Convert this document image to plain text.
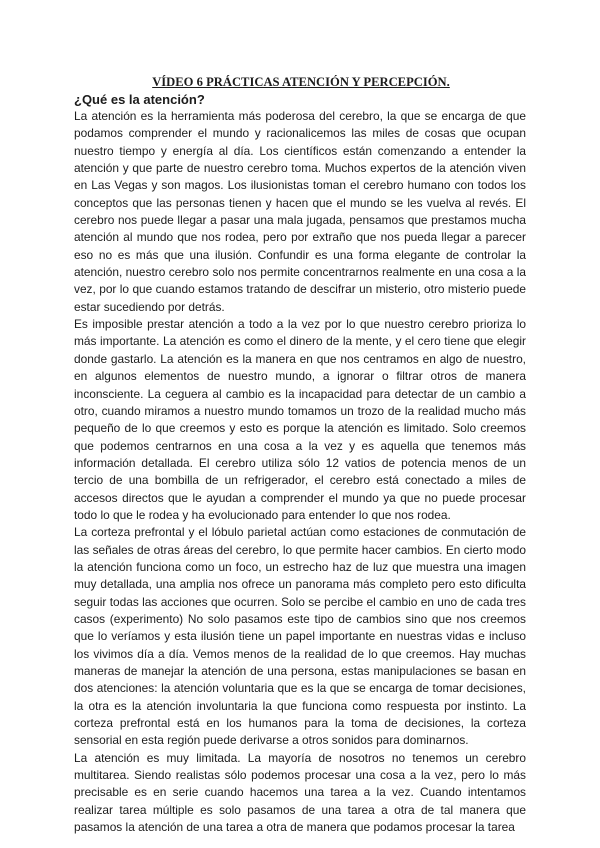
VÍDEO 6 PRÁCTICAS ATENCIÓN Y PERCEPCIÓN.
¿Qué es la atención?

La atención es la herramienta más poderosa del cerebro, la que se encarga de que podamos comprender el mundo y racionalicemos las miles de cosas que ocupan nuestro tiempo y energía al día. Los científicos están comenzando a entender la atención y que parte de nuestro cerebro toma. Muchos expertos de la atención viven en Las Vegas y son magos. Los ilusionistas toman el cerebro humano con todos los conceptos que las personas tienen y hacen que el mundo se les vuelva al revés. El cerebro nos puede llegar a pasar una mala jugada, pensamos que prestamos mucha atención al mundo que nos rodea, pero por extraño que nos pueda llegar a parecer eso no es más que una ilusión. Confundir es una forma elegante de controlar la atención, nuestro cerebro solo nos permite concentrarnos realmente en una cosa a la vez, por lo que cuando estamos tratando de descifrar un misterio, otro misterio puede estar sucediendo por detrás.

Es imposible prestar atención a todo a la vez por lo que nuestro cerebro prioriza lo más importante. La atención es como el dinero de la mente, y el cero tiene que elegir donde gastarlo. La atención es la manera en que nos centramos en algo de nuestro, en algunos elementos de nuestro mundo, a ignorar o filtrar otros de manera inconsciente. La ceguera al cambio es la incapacidad para detectar de un cambio a otro, cuando miramos a nuestro mundo tomamos un trozo de la realidad mucho más pequeño de lo que creemos y esto es porque la atención es limitado. Solo creemos que podemos centrarnos en una cosa a la vez y es aquella que tenemos más información detallada. El cerebro utiliza sólo 12 vatios de potencia menos de un tercio de una bombilla de un refrigerador, el cerebro está conectado a miles de accesos directos que le ayudan a comprender el mundo ya que no puede procesar todo lo que le rodea y ha evolucionado para entender lo que nos rodea.

La corteza prefrontal y el lóbulo parietal actúan como estaciones de conmutación de las señales de otras áreas del cerebro, lo que permite hacer cambios. En cierto modo la atención funciona como un foco, un estrecho haz de luz que muestra una imagen muy detallada, una amplia nos ofrece un panorama más completo pero esto dificulta seguir todas las acciones que ocurren. Solo se percibe el cambio en uno de cada tres casos (experimento) No solo pasamos este tipo de cambios sino que nos creemos que lo veríamos y esta ilusión tiene un papel importante en nuestras vidas e incluso los vivimos día a día. Vemos menos de la realidad de lo que creemos. Hay muchas maneras de manejar la atención de una persona, estas manipulaciones se basan en dos atenciones: la atención voluntaria que es la que se encarga de tomar decisiones, la otra es la atención involuntaria la que funciona como respuesta por instinto. La corteza prefrontal está en los humanos para la toma de decisiones, la corteza sensorial en esta región puede derivarse a otros sonidos para dominarnos.

La atención es muy limitada. La mayoría de nosotros no tenemos un cerebro multitarea. Siendo realistas sólo podemos procesar una cosa a la vez, pero lo más precisable es en serie cuando hacemos una tarea a la vez. Cuando intentamos realizar tarea múltiple es solo pasamos de una tarea a otra de tal manera que pasamos la atención de una tarea a otra de manera que podamos procesar la tarea
